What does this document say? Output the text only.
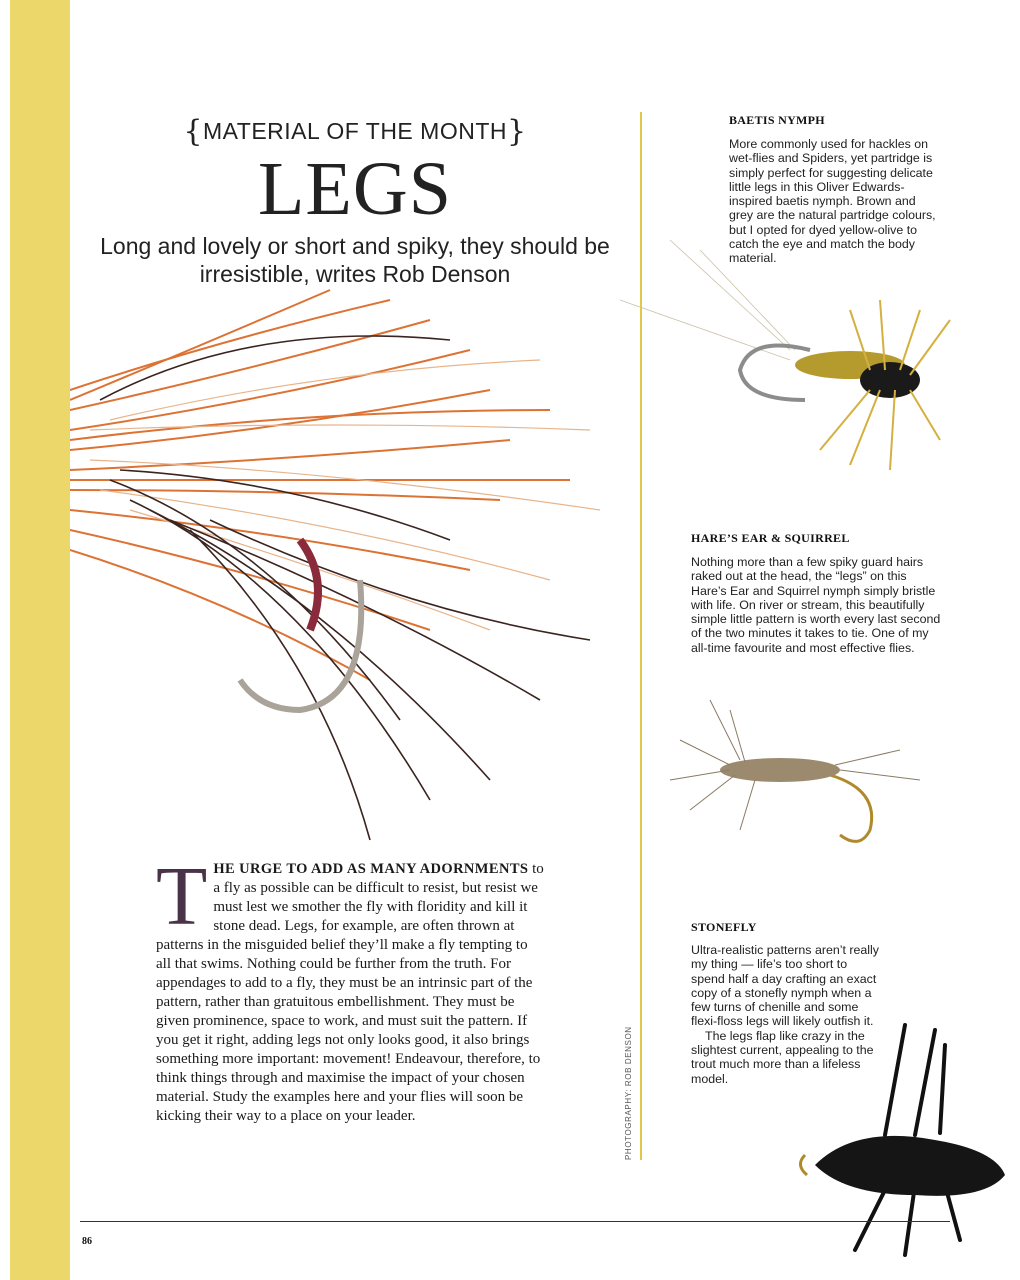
{MATERIAL OF THE MONTH}
LEGS
Long and lovely or short and spiky, they should be irresistible, writes Rob Denson
PHOTOGRAPHY: ROB DENSON
BAETIS NYMPH
More commonly used for hackles on wet-flies and Spiders, yet partridge is simply perfect for suggesting delicate little legs in this Oliver Edwards-inspired baetis nymph. Brown and grey are the natural partridge colours, but I opted for dyed yellow-olive to catch the eye and match the body material.
HARE’S EAR & SQUIRREL
Nothing more than a few spiky guard hairs raked out at the head, the “legs” on this Hare’s Ear and Squirrel nymph simply bristle with life. On river or stream, this beautifully simple little pattern is worth every last second of the two minutes it takes to tie. One of my all-time favourite and most effective flies.
STONEFLY

Ultra-realistic patterns aren’t really my thing — life’s too short to spend half a day crafting an exact copy of a stonefly nymph when a few turns of chenille and some flexi-floss legs will likely outfish it.

The legs flap like crazy in the slightest current, appealing to the trout much more than a lifeless model.

THE URGE TO ADD AS MANY ADORNMENTS to a fly as possible can be difficult to resist, but resist we must lest we smother the fly with floridity and kill it stone dead. Legs, for example, are often thrown at patterns in the misguided belief they’ll make a fly tempting to all that swims. Nothing could be further from the truth. For appendages to add to a fly, they must be an intrinsic part of the pattern, rather than gratuitous embellishment. They must be given prominence, space to work, and must suit the pattern. If you get it right, adding legs not only looks good, it also brings something more important: movement! Endeavour, therefore, to think things through and maximise the impact of your chosen material. Study the examples here and your flies will soon be kicking their way to a place on your leader.
86
